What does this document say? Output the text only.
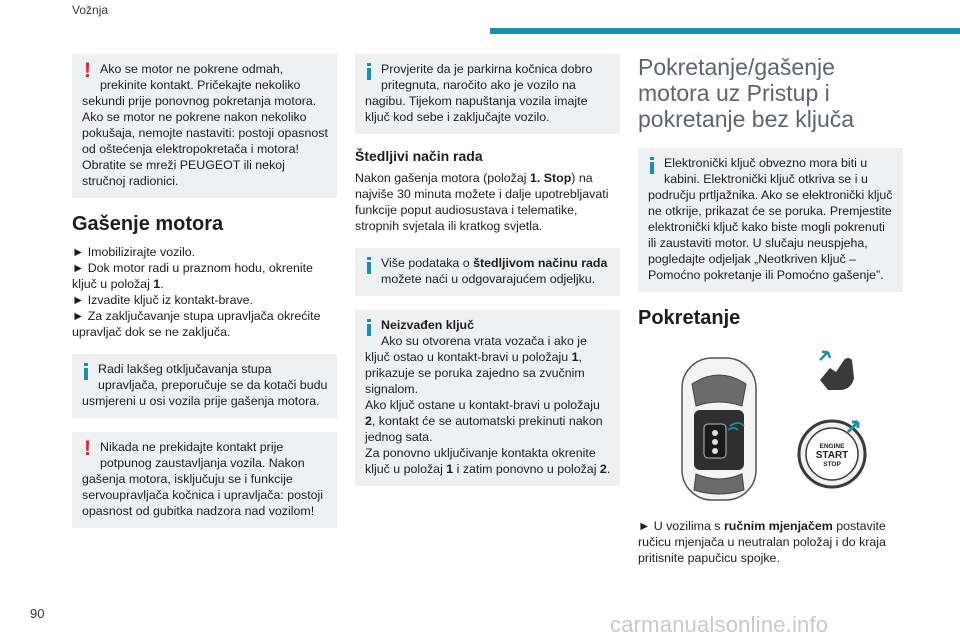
Vožnja
! Ako se motor ne pokrene odmah, prekinite kontakt. Pričekajte nekoliko sekundi prije ponovnog pokretanja motora. Ako se motor ne pokrene nakon nekoliko pokušaja, nemojte nastaviti: postoji opasnost od oštećenja elektropokretača i motora! Obratite se mreži PEUGEOT ili nekoj stručnoj radionici.

Gašenje motora
► Imobilizirajte vozilo.
► Dok motor radi u praznom hodu, okrenite ključ u položaj 1.
► Izvadite ključ iz kontakt-brave.
► Za zaključavanje stupa upravljača okrećite upravljač dok se ne zaključa.

Radi lakšeg otključavanja stupa upravljača, preporučuje se da kotači budu usmjereni u osi vozila prije gašenja motora.

! Nikada ne prekidajte kontakt prije potpunog zaustavljanja vozila. Nakon gašenja motora, isključuju se i funkcije servoupravljača kočnica i upravljača: postoji opasnost od gubitka nadzora nad vozilom!

Provjerite da je parkirna kočnica dobro pritegnuta, naročito ako je vozilo na nagibu. Tijekom napuštanja vozila imajte ključ kod sebe i zaključajte vozilo.

Štedljivi način rada

Nakon gašenja motora (položaj 1. Stop) na najviše 30 minuta možete i dalje upotrebljavati funkcije poput audiosustava i telematike, stropnih svjetala ili kratkog svjetla.

Više podataka o štedljivom načinu rada možete naći u odgovarajućem odjeljku.

Neizvađen ključ

Ako su otvorena vrata vozača i ako je ključ ostao u kontakt-bravi u položaju 1, prikazuje se poruka zajedno sa zvučnim signalom.
Ako ključ ostane u kontakt-bravi u položaju 2, kontakt će se automatski prekinuti nakon jednog sata.
Za ponovno uključivanje kontakta okrenite ključ u položaj 1 i zatim ponovno u položaj 2.

Pokretanje/gašenje motora uz Pristup i pokretanje bez ključa

Elektronički ključ obvezno mora biti u kabini. Elektronički ključ otkriva se i u području prtljažnika. Ako se elektronički ključ ne otkrije, prikazat će se poruka. Premjestite elektronički ključ kako biste mogli pokrenuti ili zaustaviti motor. U slučaju neuspjeha, pogledajte odjeljak „Neotkriven ključ – Pomoćno pokretanje ili Pomoćno gašenje”.

Pokretanje
ENGINE
START
STOP

► U vozilima s ručnim mjenjačem postavite ručicu mjenjača u neutralan položaj i do kraja pritisnite papučicu spojke.

90	carmanualsonline.info
